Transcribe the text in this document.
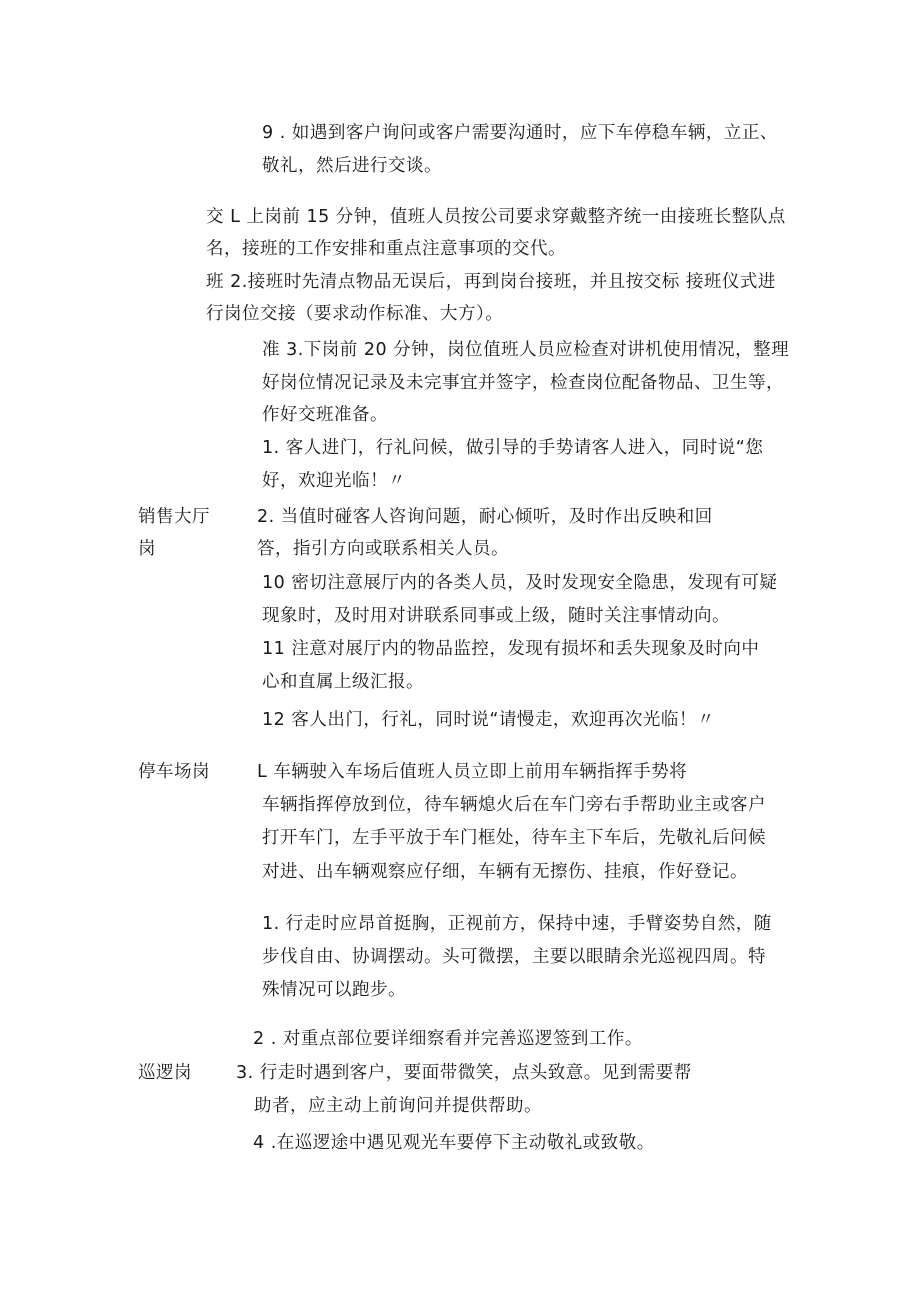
9 . 如遇到客户询问或客户需要沟通时，应下车停稳车辆，立正、
敬礼，然后进行交谈。
交 L 上岗前 15 分钟，值班人员按公司要求穿戴整齐统一由接班长整队点
名，接班的工作安排和重点注意事项的交代。
班 2.接班时先清点物品无误后，再到岗台接班，并且按交标 接班仪式进
行岗位交接（要求动作标准、大方）。
准 3.下岗前 20 分钟，岗位值班人员应检查对讲机使用情况，整理
好岗位情况记录及未完事宜并签字，检查岗位配备物品、卫生等，
作好交班准备。
1. 客人进门，行礼问候，做引导的手势请客人进入，同时说“您
好，欢迎光临！〃
销售大厅	2. 当值时碰客人咨询问题，耐心倾听，及时作出反映和回
岗	答，指引方向或联系相关人员。
10 密切注意展厅内的各类人员，及时发现安全隐患，发现有可疑
现象时，及时用对讲联系同事或上级，随时关注事情动向。
11 注意对展厅内的物品监控，发现有损坏和丢失现象及时向中
心和直属上级汇报。
12 客人出门，行礼，同时说“请慢走，欢迎再次光临！〃
停车场岗	L 车辆驶入车场后值班人员立即上前用车辆指挥手势将
车辆指挥停放到位，待车辆熄火后在车门旁右手帮助业主或客户
打开车门，左手平放于车门框处，待车主下车后，先敬礼后问候
对进、出车辆观察应仔细，车辆有无擦伤、挂痕，作好登记。
1. 行走时应昂首挺胸，正视前方，保持中速，手臂姿势自然，随
步伐自由、协调摆动。头可微摆，主要以眼睛余光巡视四周。特
殊情况可以跑步。
2 . 对重点部位要详细察看并完善巡逻签到工作。
巡逻岗	3. 行走时遇到客户，要面带微笑，点头致意。见到需要帮
助者，应主动上前询问并提供帮助。
4 .在巡逻途中遇见观光车要停下主动敬礼或致敬。
